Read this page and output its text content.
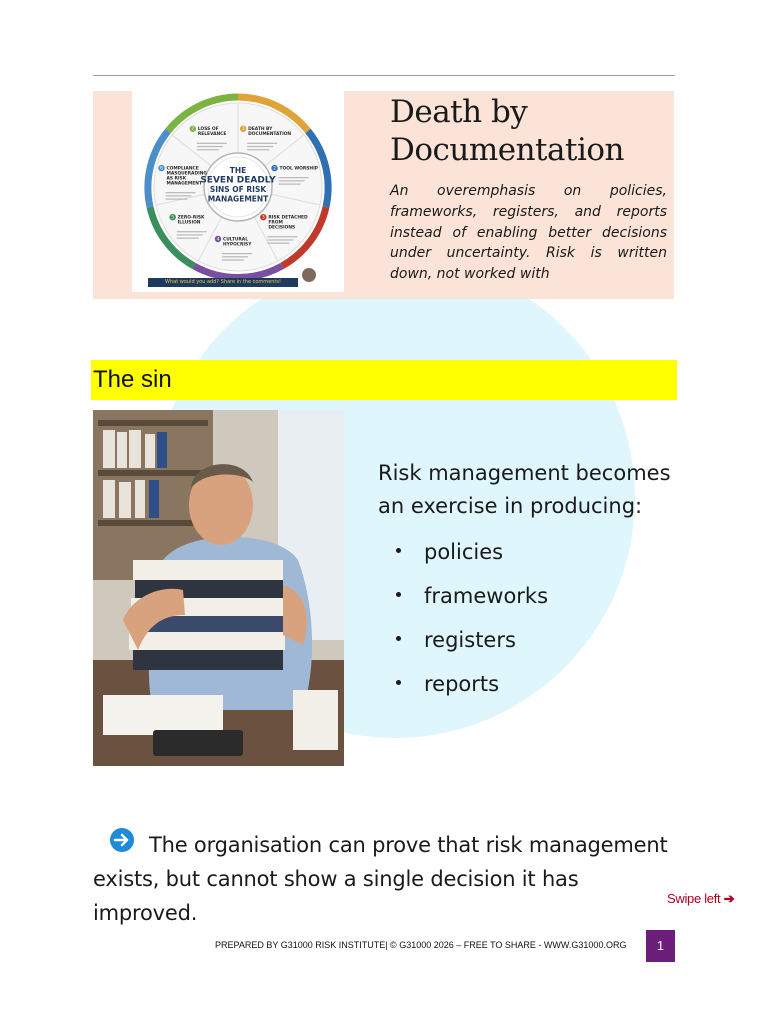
1 DEATH BY
DOCUMENTATION
2 TOOL WORSHIP
3 RISK DETACHED
FROM
DECISIONS
4 CULTURAL
HYPOCRISY
5 ZERO-RISK
ILLUSION
6 COMPLIANCE
MASQUERADING
AS RISK
MANAGEMENT
7 LOSS OF
RELEVANCE
THE
SEVEN DEADLY
SINS OF RISK
MANAGEMENT
What would you add? Share in the comments!
Death by Documentation

An overemphasis on policies, frameworks, registers, and reports instead of enabling better decisions under uncertainty. Risk is written down, not worked with

The sin

Risk management becomes an exercise in producing:

policies
frameworks
registers
reports

The organisation can prove that risk management exists, but cannot show a single decision it has improved.

Swipe left ➔
PREPARED BY G31000 RISK INSTITUTE| © G31000 2026 – FREE TO SHARE - WWW.G31000.ORG	1
